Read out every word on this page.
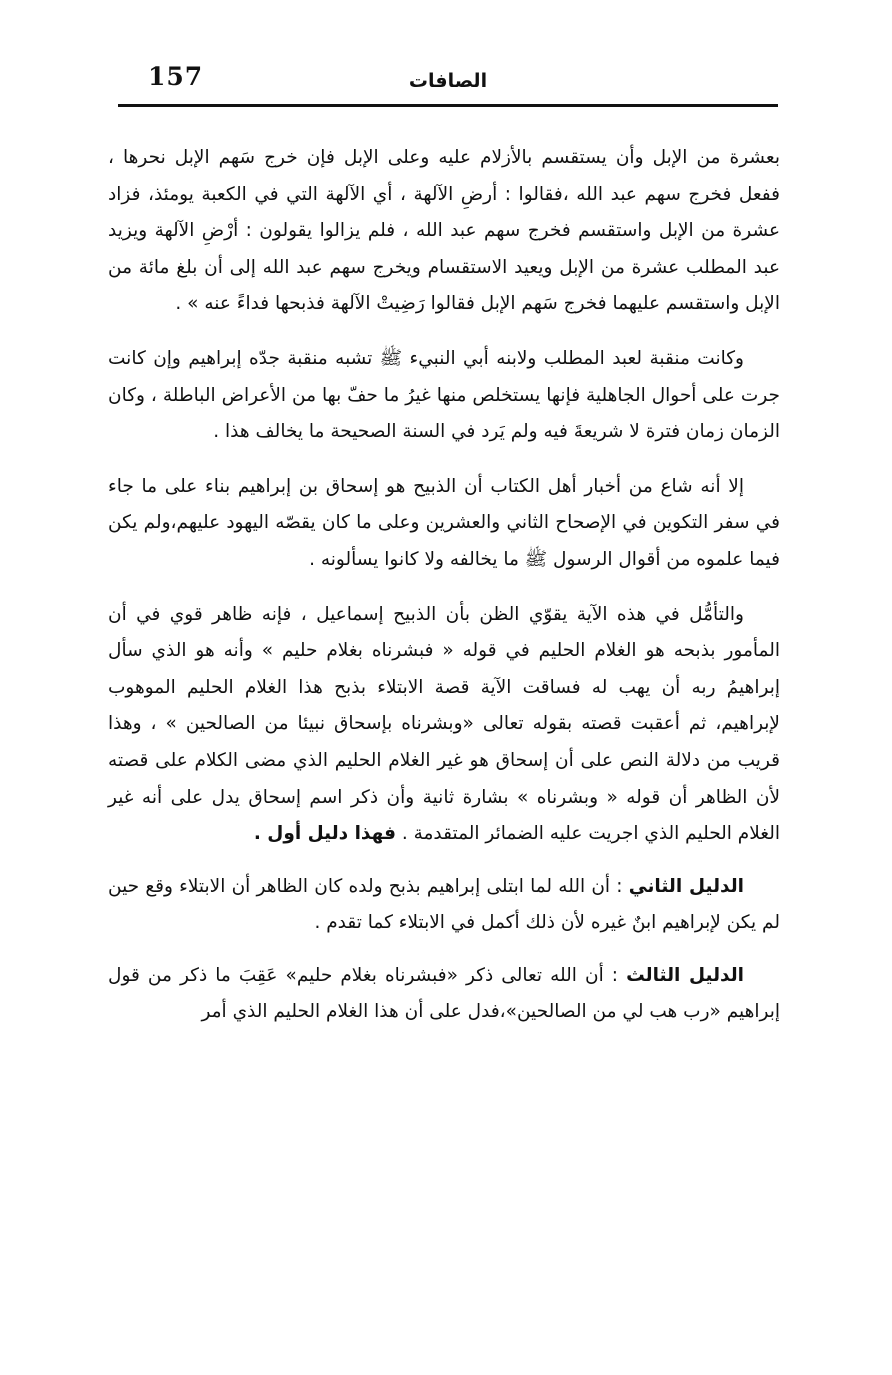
157	الصافات

بعشرة من الإبل وأن يستقسم بالأزلام عليه وعلى الإبل فإن خرج سَهم الإبل نحرها ، ففعل فخرج سهم عبد الله ،فقالوا : أرضِ الآلهة ، أي الآلهة التي في الكعبة يومئذ، فزاد عشرة من الإبل واستقسم فخرج سهم عبد الله ، فلم يزالوا يقولون : أرْضِ الآلهة ويزيد عبد المطلب عشرة من الإبل ويعيد الاستقسام ويخرج سهم عبد الله إلى أن بلغ مائة من الإبل واستقسم عليهما فخرج سَهم الإبل فقالوا رَضِيتْ الآلهة فذبحها فداءً عنه » .

وكانت منقبة لعبد المطلب ولابنه أبي النبيء ﷺ تشبه منقبة جدّه إبراهيم وإن كانت جرت على أحوال الجاهلية فإنها يستخلص منها غيرُ ما حفّ بها من الأعراض الباطلة ، وكان الزمان زمان فترة لا شريعةَ فيه ولم يَرد في السنة الصحيحة ما يخالف هذا .

إلا أنه شاع من أخبار أهل الكتاب أن الذبيح هو إسحاق بن إبراهيم بناء على ما جاء في سفر التكوين في الإصحاح الثاني والعشرين وعلى ما كان يقصّه اليهود عليهم،ولم يكن فيما علموه من أقوال الرسول ﷺ ما يخالفه ولا كانوا يسألونه .

والتأمُّل في هذه الآية يقوّي الظن بأن الذبيح إسماعيل ، فإنه ظاهر قوي في أن المأمور بذبحه هو الغلام الحليم في قوله « فبشرناه بغلام حليم » وأنه هو الذي سأل إبراهيمُ ربه أن يهب له فساقت الآية قصة الابتلاء بذبح هذا الغلام الحليم الموهوب لإبراهيم، ثم أعقبت قصته بقوله تعالى «وبشرناه بإسحاق نبيئا من الصالحين » ، وهذا قريب من دلالة النص على أن إسحاق هو غير الغلام الحليم الذي مضى الكلام على قصته لأن الظاهر أن قوله « وبشرناه » بشارة ثانية وأن ذكر اسم إسحاق يدل على أنه غير الغلام الحليم الذي اجريت عليه الضمائر المتقدمة . فهذا دليل أول .

الدليل الثاني : أن الله لما ابتلى إبراهيم بذبح ولده كان الظاهر أن الابتلاء وقع حين لم يكن لإبراهيم ابنٌ غيره لأن ذلك أكمل في الابتلاء كما تقدم .

الدليل الثالث : أن الله تعالى ذكر «فبشرناه بغلام حليم» عَقِبَ ما ذكر من قول إبراهيم «رب هب لي من الصالحين»،فدل على أن هذا الغلام الحليم الذي أمر
